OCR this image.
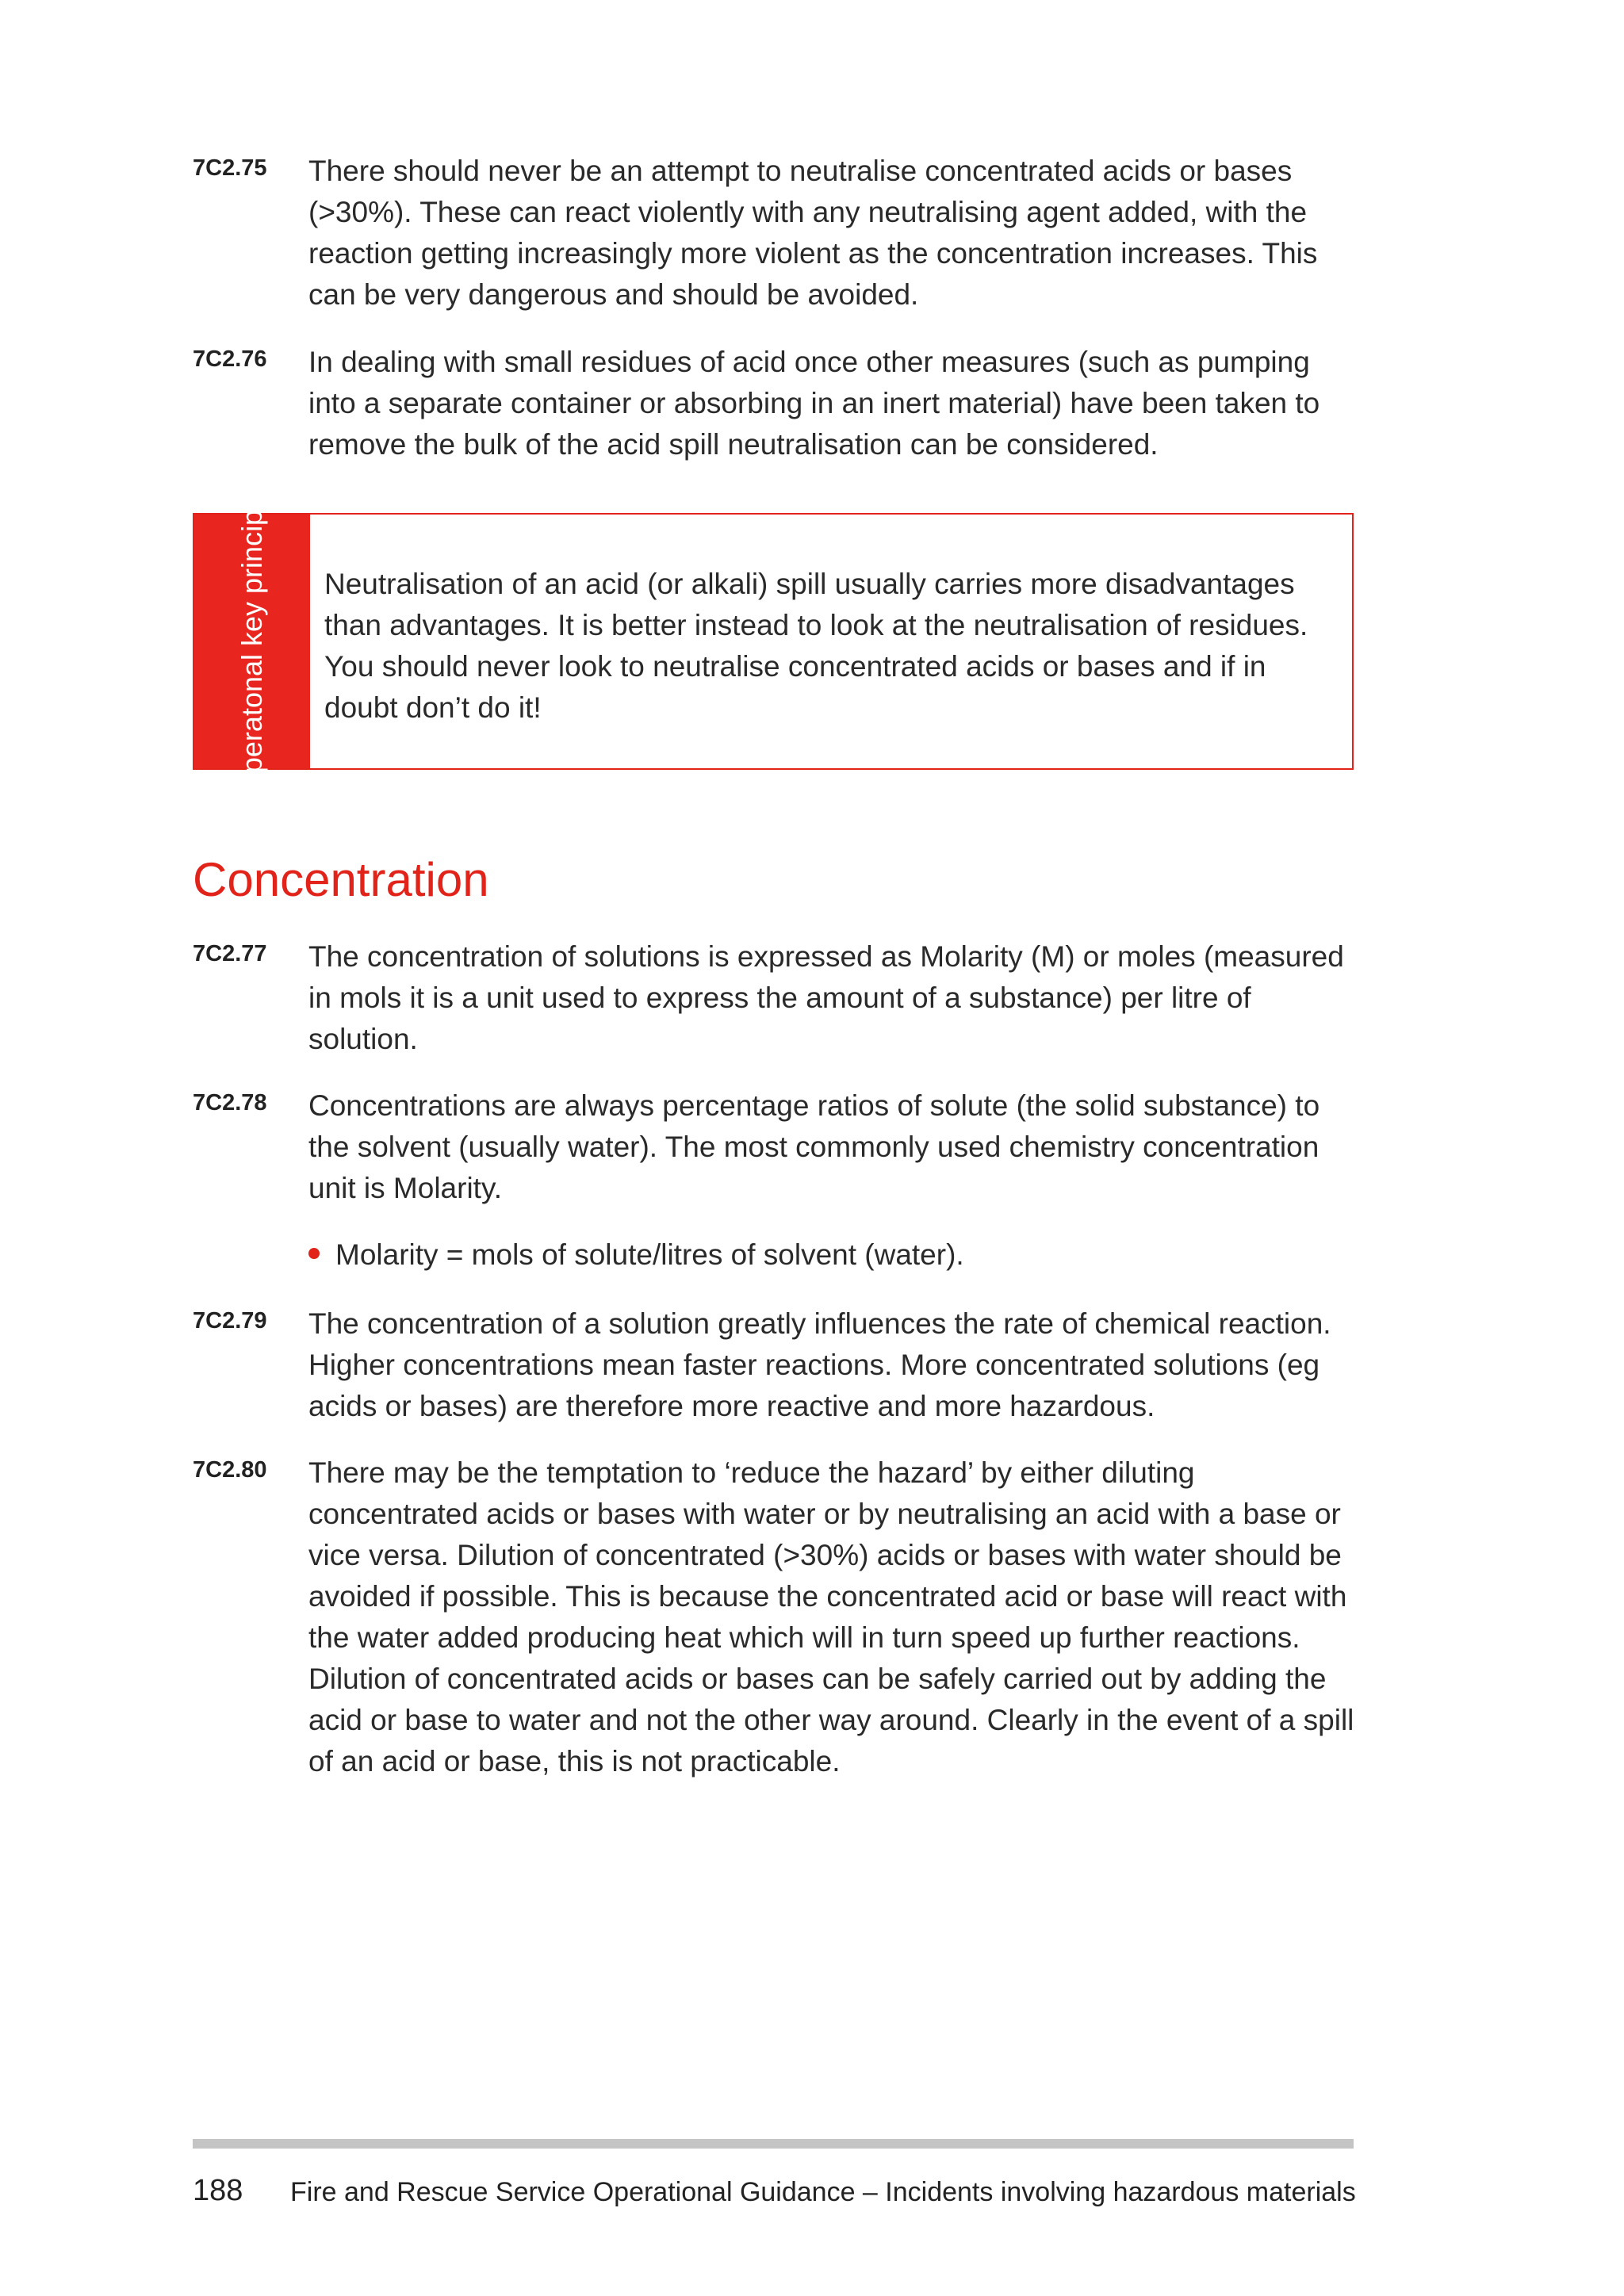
7C2.75 There should never be an attempt to neutralise concentrated acids or bases (>30%). These can react violently with any neutralising agent added, with the reaction getting increasingly more violent as the concentration increases. This can be very dangerous and should be avoided.
7C2.76 In dealing with small residues of acid once other measures (such as pumping into a separate container or absorbing in an inert material) have been taken to remove the bulk of the acid spill neutralisation can be considered.
Operatonal key principle Neutralisation of an acid (or alkali) spill usually carries more disadvantages than advantages. It is better instead to look at the neutralisation of residues. You should never look to neutralise concentrated acids or bases and if in doubt don’t do it!
Concentration
7C2.77 The concentration of solutions is expressed as Molarity (M) or moles (measured in mols it is a unit used to express the amount of a substance) per litre of solution.
7C2.78 Concentrations are always percentage ratios of solute (the solid substance) to the solvent (usually water). The most commonly used chemistry concentration unit is Molarity.
Molarity = mols of solute/litres of solvent (water).
7C2.79 The concentration of a solution greatly influences the rate of chemical reaction. Higher concentrations mean faster reactions. More concentrated solutions (eg acids or bases) are therefore more reactive and more hazardous.
7C2.80 There may be the temptation to ‘reduce the hazard’ by either diluting concentrated acids or bases with water or by neutralising an acid with a base or vice versa. Dilution of concentrated (>30%) acids or bases with water should be avoided if possible. This is because the concentrated acid or base will react with the water added producing heat which will in turn speed up further reactions. Dilution of concentrated acids or bases can be safely carried out by adding the acid or base to water and not the other way around. Clearly in the event of a spill of an acid or base, this is not practicable.
188 Fire and Rescue Service Operational Guidance – Incidents involving hazardous materials
